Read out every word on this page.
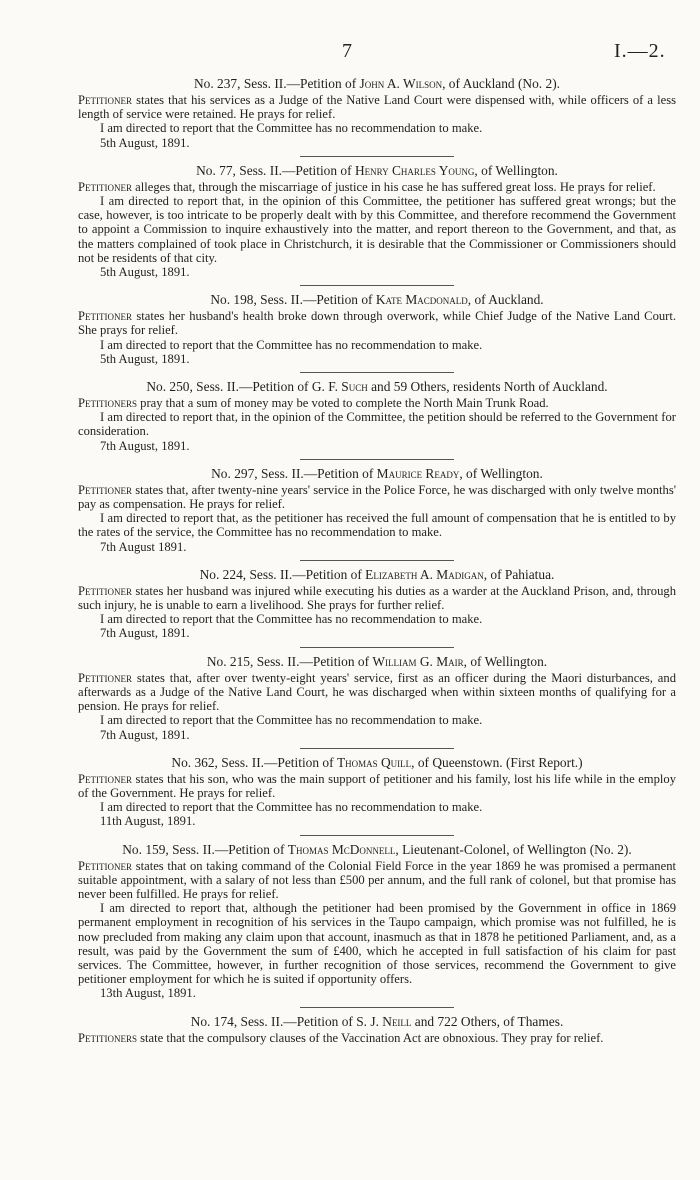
7	I.—2.
No. 237, Sess. II.—Petition of John A. Wilson, of Auckland (No. 2).

Petitioner states that his services as a Judge of the Native Land Court were dispensed with, while officers of a less length of service were retained. He prays for relief.

I am directed to report that the Committee has no recommendation to make.

5th August, 1891.

No. 77, Sess. II.—Petition of Henry Charles Young, of Wellington.

Petitioner alleges that, through the miscarriage of justice in his case he has suffered great loss. He prays for relief.

I am directed to report that, in the opinion of this Committee, the petitioner has suffered great wrongs; but the case, however, is too intricate to be properly dealt with by this Committee, and therefore recommend the Government to appoint a Commission to inquire exhaustively into the matter, and report thereon to the Government, and that, as the matters complained of took place in Christchurch, it is desirable that the Commissioner or Commissioners should not be residents of that city.

5th August, 1891.

No. 198, Sess. II.—Petition of Kate Macdonald, of Auckland.

Petitioner states her husband's health broke down through overwork, while Chief Judge of the Native Land Court. She prays for relief.

I am directed to report that the Committee has no recommendation to make.

5th August, 1891.

No. 250, Sess. II.—Petition of G. F. Such and 59 Others, residents North of Auckland.

Petitioners pray that a sum of money may be voted to complete the North Main Trunk Road.

I am directed to report that, in the opinion of the Committee, the petition should be referred to the Government for consideration.

7th August, 1891.

No. 297, Sess. II.—Petition of Maurice Ready, of Wellington.

Petitioner states that, after twenty-nine years' service in the Police Force, he was discharged with only twelve months' pay as compensation. He prays for relief.

I am directed to report that, as the petitioner has received the full amount of compensation that he is entitled to by the rates of the service, the Committee has no recommendation to make.

7th August 1891.

No. 224, Sess. II.—Petition of Elizabeth A. Madigan, of Pahiatua.

Petitioner states her husband was injured while executing his duties as a warder at the Auckland Prison, and, through such injury, he is unable to earn a livelihood. She prays for further relief.

I am directed to report that the Committee has no recommendation to make.

7th August, 1891.

No. 215, Sess. II.—Petition of William G. Mair, of Wellington.

Petitioner states that, after over twenty-eight years' service, first as an officer during the Maori disturbances, and afterwards as a Judge of the Native Land Court, he was discharged when within sixteen months of qualifying for a pension. He prays for relief.

I am directed to report that the Committee has no recommendation to make.

7th August, 1891.

No. 362, Sess. II.—Petition of Thomas Quill, of Queenstown. (First Report.)

Petitioner states that his son, who was the main support of petitioner and his family, lost his life while in the employ of the Government. He prays for relief.

I am directed to report that the Committee has no recommendation to make.

11th August, 1891.

No. 159, Sess. II.—Petition of Thomas McDonnell, Lieutenant-Colonel, of Wellington (No. 2).

Petitioner states that on taking command of the Colonial Field Force in the year 1869 he was promised a permanent suitable appointment, with a salary of not less than £500 per annum, and the full rank of colonel, but that promise has never been fulfilled. He prays for relief.

I am directed to report that, although the petitioner had been promised by the Government in office in 1869 permanent employment in recognition of his services in the Taupo campaign, which promise was not fulfilled, he is now precluded from making any claim upon that account, inasmuch as that in 1878 he petitioned Parliament, and, as a result, was paid by the Government the sum of £400, which he accepted in full satisfaction of his claim for past services. The Committee, however, in further recognition of those services, recommend the Government to give petitioner employment for which he is suited if opportunity offers.

13th August, 1891.

No. 174, Sess. II.—Petition of S. J. Neill and 722 Others, of Thames.

Petitioners state that the compulsory clauses of the Vaccination Act are obnoxious. They pray for relief.
